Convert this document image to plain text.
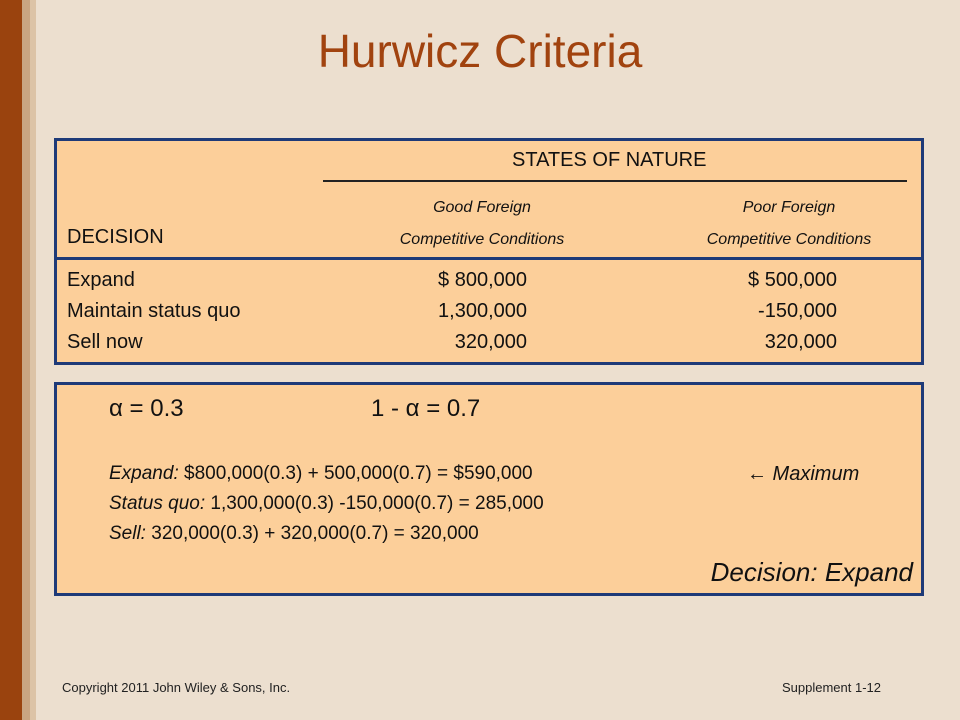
Hurwicz Criteria
STATES OF NATURE
Good Foreign
Competitive Conditions
Poor Foreign
Competitive Conditions
DECISION
Expand	$ 800,000	$ 500,000
Maintain status quo	1,300,000	-150,000
Sell now	320,000	320,000
α = 0.3	1 - α = 0.7
Expand: $800,000(0.3) + 500,000(0.7) = $590,000	← Maximum
Status quo: 1,300,000(0.3) -150,000(0.7) = 285,000
Sell: 320,000(0.3) + 320,000(0.7) = 320,000
Decision: Expand
Copyright 2011 John Wiley & Sons, Inc.	Supplement 1-12
